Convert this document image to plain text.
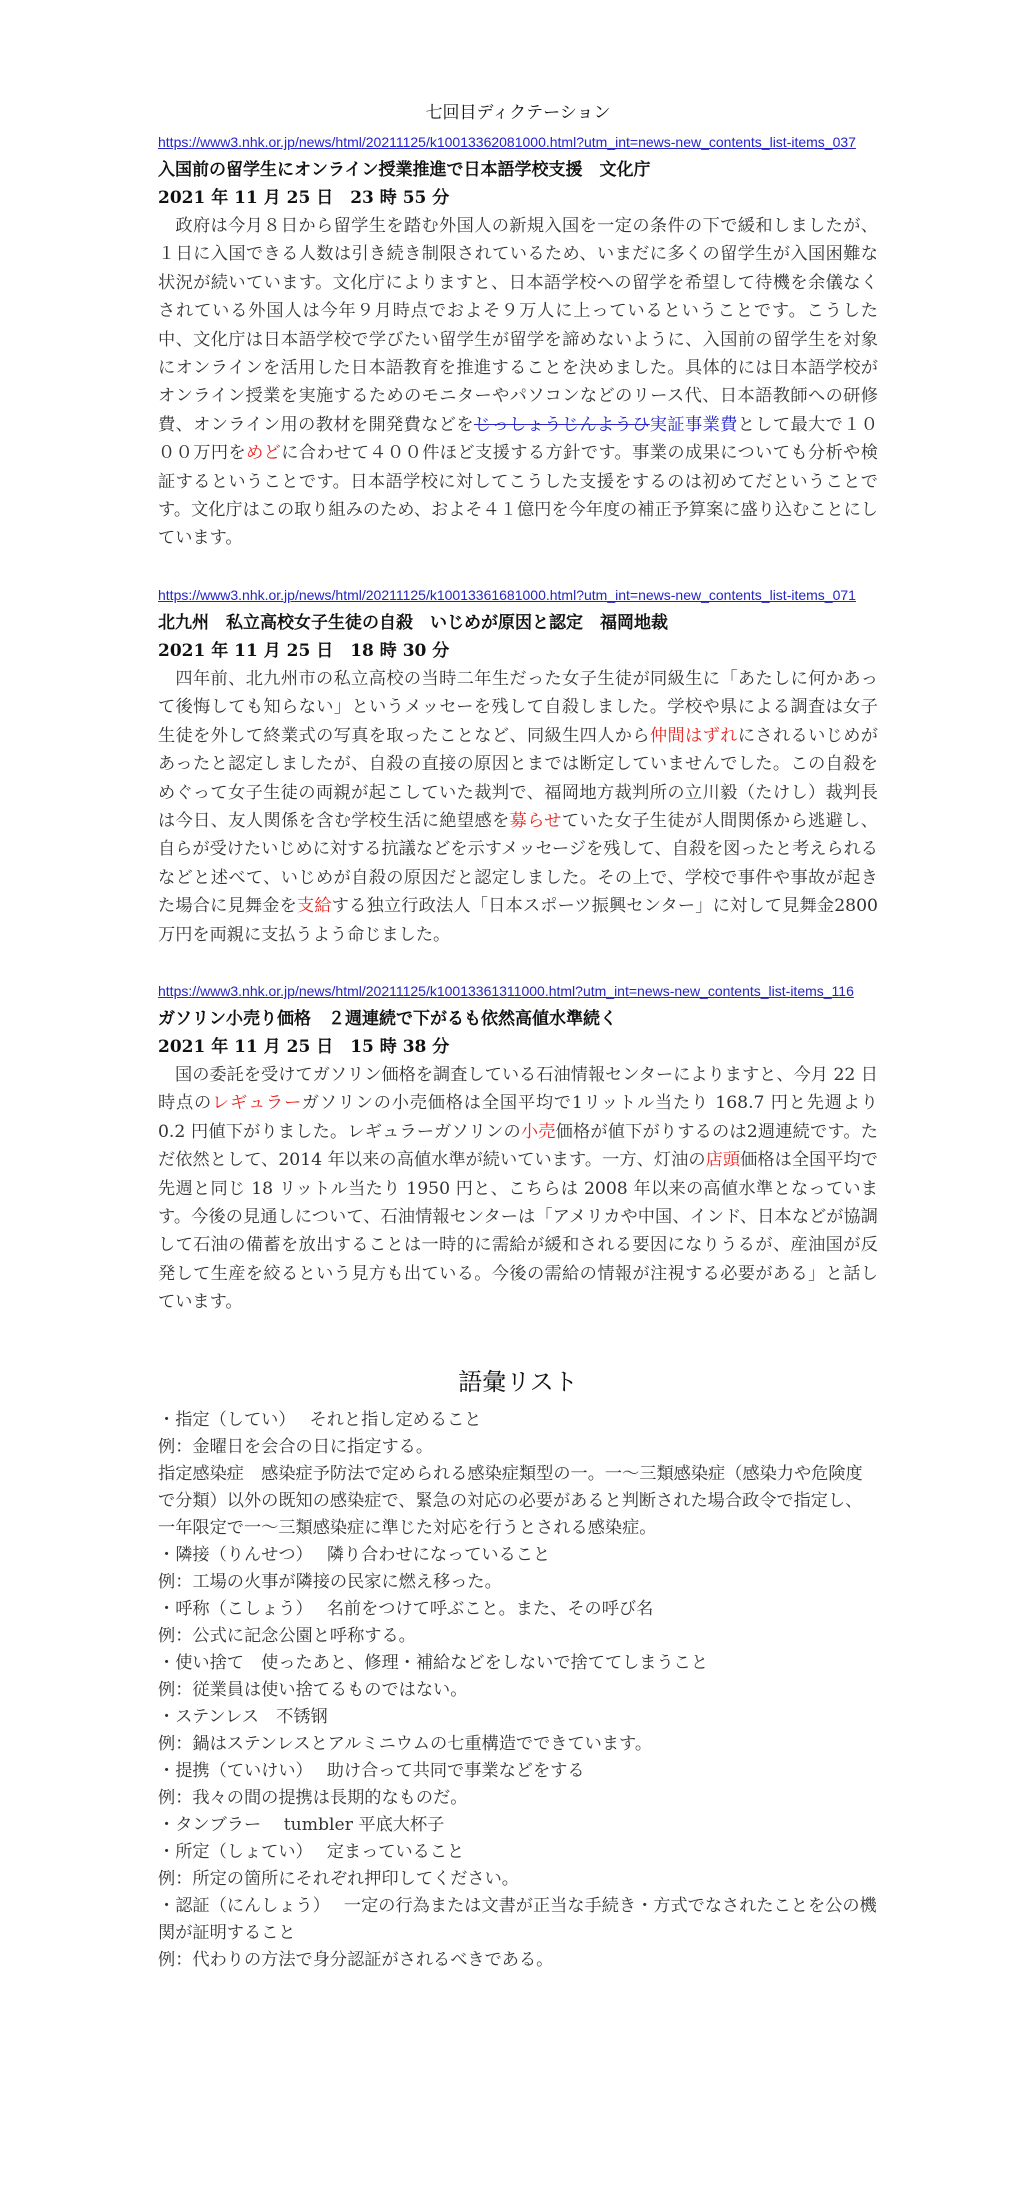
七回目ディクテーション
https://www3.nhk.or.jp/news/html/20211125/k10013362081000.html?utm_int=news-new_contents_list-items_037
入国前の留学生にオンライン授業推進で日本語学校支援　文化庁
2021 年 11 月 25 日　23 時 55 分
政府は今月８日から留学生を踏む外国人の新規入国を一定の条件の下で緩和しましたが、１日に入国できる人数は引き続き制限されているため、いまだに多くの留学生が入国困難な状況が続いています。文化庁によりますと、日本語学校への留学を希望して待機を余儀なくされている外国人は今年９月時点でおよそ９万人に上っているということです。こうした中、文化庁は日本語学校で学びたい留学生が留学を諦めないように、入国前の留学生を対象にオンラインを活用した日本語教育を推進することを決めました。具体的には日本語学校がオンライン授業を実施するためのモニターやパソコンなどのリース代、日本語教師への研修費、オンライン用の教材を開発費などをじっしょうじんようひ実証事業費として最大で１０００万円をめどに合わせて４００件ほど支援する方針です。事業の成果についても分析や検証するということです。日本語学校に対してこうした支援をするのは初めてだということです。文化庁はこの取り組みのため、およそ４１億円を今年度の補正予算案に盛り込むことにしています。
https://www3.nhk.or.jp/news/html/20211125/k10013361681000.html?utm_int=news-new_contents_list-items_071
北九州　私立高校女子生徒の自殺　いじめが原因と認定　福岡地裁
2021 年 11 月 25 日　18 時 30 分
四年前、北九州市の私立高校の当時二年生だった女子生徒が同級生に「あたしに何かあって後悔しても知らない」というメッセーを残して自殺しました。学校や県による調査は女子生徒を外して終業式の写真を取ったことなど、同級生四人から仲間はずれにされるいじめがあったと認定しましたが、自殺の直接の原因とまでは断定していませんでした。この自殺をめぐって女子生徒の両親が起こしていた裁判で、福岡地方裁判所の立川毅（たけし）裁判長は今日、友人関係を含む学校生活に絶望感を募らせていた女子生徒が人間関係から逃避し、自らが受けたいじめに対する抗議などを示すメッセージを残して、自殺を図ったと考えられるなどと述べて、いじめが自殺の原因だと認定しました。その上で、学校で事件や事故が起きた場合に見舞金を支給する独立行政法人「日本スポーツ振興センター」に対して見舞金2800万円を両親に支払うよう命じました。
https://www3.nhk.or.jp/news/html/20211125/k10013361311000.html?utm_int=news-new_contents_list-items_116
ガソリン小売り価格　２週連続で下がるも依然高値水準続く
2021 年 11 月 25 日　15 時 38 分
国の委託を受けてガソリン価格を調査している石油情報センターによりますと、今月 22 日時点のレギュラーガソリンの小売価格は全国平均で1リットル当たり 168.7 円と先週より 0.2 円値下がりました。レギュラーガソリンの小売価格が値下がりするのは2週連続です。ただ依然として、2014 年以来の高値水準が続いています。一方、灯油の店頭価格は全国平均で先週と同じ 18 リットル当たり 1950 円と、こちらは 2008 年以来の高値水準となっています。今後の見通しについて、石油情報センターは「アメリカや中国、インド、日本などが協調して石油の備蓄を放出することは一時的に需給が緩和される要因になりうるが、産油国が反発して生産を絞るという見方も出ている。今後の需給の情報が注視する必要がある」と話しています。
語彙リスト
・指定（してい）　 それと指し定めること
例：金曜日を会合の日に指定する。
指定感染症　感染症予防法で定められる感染症類型の一。一～三類感染症（感染力や危険度で分類）以外の既知の感染症で、緊急の対応の必要があると判断された場合政令で指定し、一年限定で一～三類感染症に準じた対応を行うとされる感染症。
・隣接（りんせつ）　 隣り合わせになっていること
例：工場の火事が隣接の民家に燃え移った。
・呼称（こしょう）　 名前をつけて呼ぶこと。また、その呼び名
例：公式に記念公園と呼称する。
・使い捨て　使ったあと、修理・補給などをしないで捨ててしまうこと
例：従業員は使い捨てるものではない。
・ステンレス　不锈钢
例：鍋はステンレスとアルミニウムの七重構造でできています。
・提携（ていけい）　 助け合って共同で事業などをする
例：我々の間の提携は長期的なものだ。
・タンブラー　 tumbler 平底大杯子
・所定（しょてい）　 定まっていること
例：所定の箇所にそれぞれ押印してください。
・認証（にんしょう）　 一定の行為または文書が正当な手続き・方式でなされたことを公の機関が証明すること
例：代わりの方法で身分認証がされるべきである。
